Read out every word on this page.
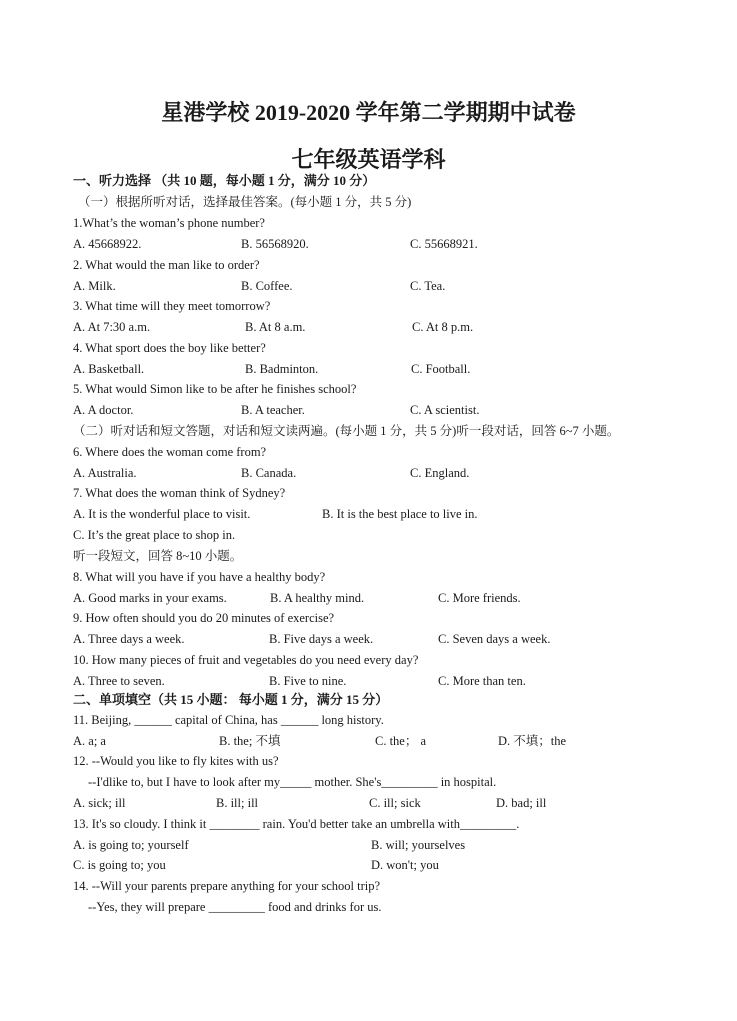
星港学校 2019-2020 学年第二学期期中试卷
七年级英语学科
一、听力选择 （共 10 题，每小题 1 分，满分 10 分）
（一）根据所听对话，选择最佳答案。(每小题 1 分，共 5 分)
1.What’s the woman’s phone number?
A. 45668922.	B. 56568920.	C. 55668921.
2. What would the man like to order?
A. Milk.	B. Coffee.	C. Tea.
3. What time will they meet tomorrow?
A. At 7:30 a.m.	B. At 8 a.m.	C. At 8 p.m.
4. What sport does the boy like better?
A. Basketball.	B. Badminton.	C. Football.
5. What would Simon like to be after he finishes school?
A. A doctor.	B. A teacher.	C. A scientist.
（二）听对话和短文答题，对话和短文读两遍。(每小题 1 分，共 5 分)听一段对话，回答 6~7 小题。
6. Where does the woman come from?
A. Australia.	B. Canada.	C. England.
7. What does the woman think of Sydney?
A. It is the wonderful place to visit.	B. It is the best place to live in.
C. It’s the great place to shop in.
听一段短文，回答 8~10 小题。
8. What will you have if you have a healthy body?
A. Good marks in your exams.	B. A healthy mind.	C. More friends.
9. How often should you do 20 minutes of exercise?
A. Three days a week.	B. Five days a week.	C. Seven days a week.
10. How many pieces of fruit and vegetables do you need every day?
A. Three to seven.	B. Five to nine.	C. More than ten.
二、单项填空（共 15 小题： 每小题 1 分，满分 15 分）
11. Beijing, ______ capital of China, has ______ long history.
A. a; a	B. the; 不填	C. the； a	D. 不填；the
12. --Would you like to fly kites with us?
--I'dlike to, but I have to look after my_____ mother. She's_________ in hospital.
A. sick; ill	B. ill; ill	C. ill; sick	D. bad; ill
13. It's so cloudy. I think it ________ rain. You'd better take an umbrella with_________.
A. is going to; yourself	B. will; yourselves
C. is going to; you	D. won't; you
14. --Will your parents prepare anything for your school trip?
--Yes, they will prepare _________ food and drinks for us.
